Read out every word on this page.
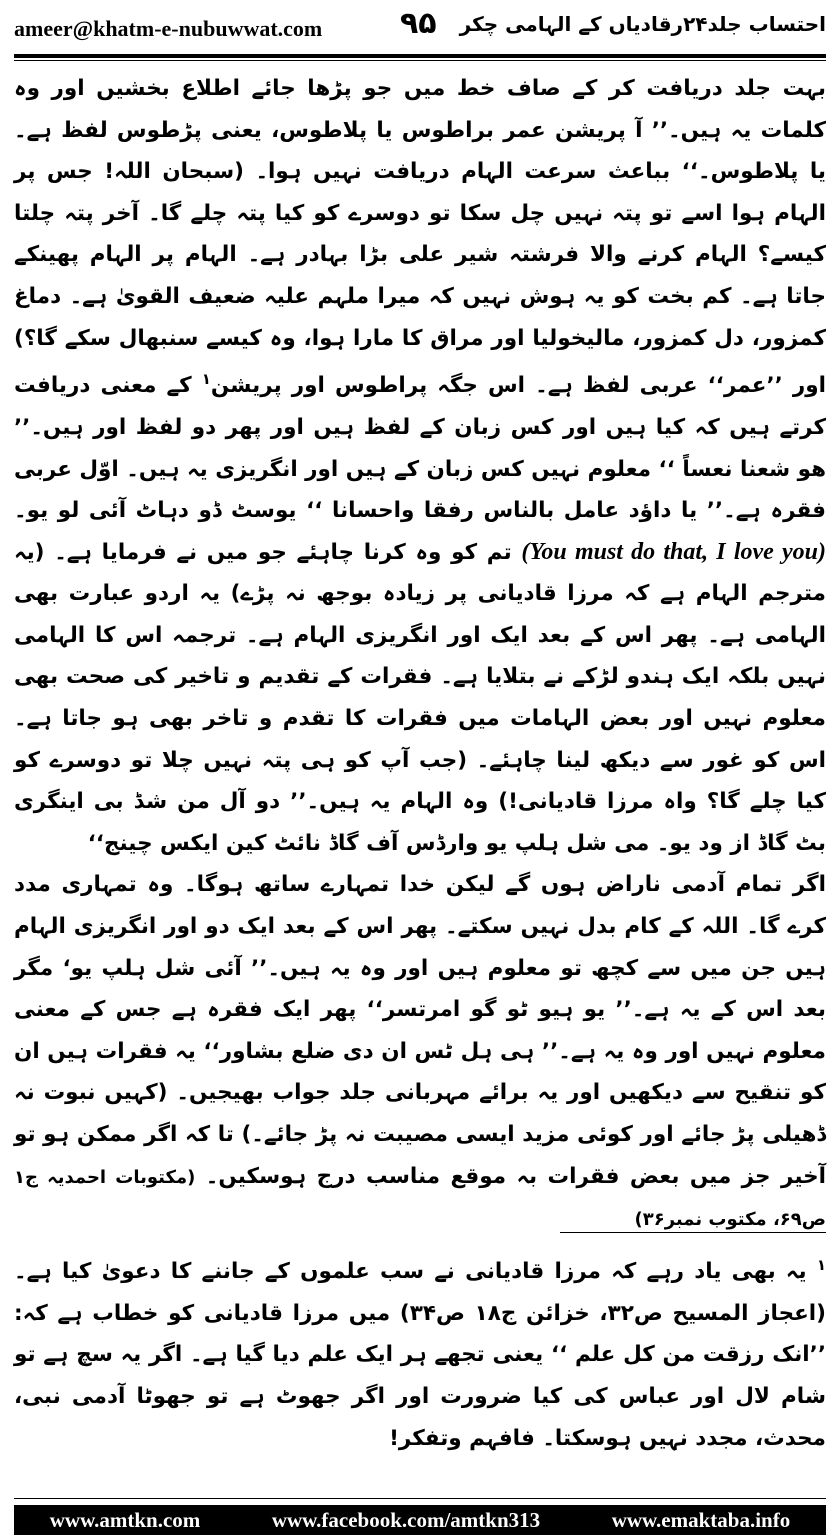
ameer@khatm-e-nubuwwat.com	۹۵ احتساب جلد۲۴رقادیاں کے الہامی چکر

بہت جلد دریافت کر کے صاف خط میں جو پڑھا جائے اطلاع بخشیں اور وہ کلمات یہ ہیں۔’’ آ پریشن عمر براطوس یا پلاطوس، یعنی پڑطوس لفظ ہے۔ یا پلاطوس۔‘‘ بباعث سرعت الہام دریافت نہیں ہوا۔ (سبحان اللہ! جس پر الہام ہوا اسے تو پتہ نہیں چل سکا تو دوسرے کو کیا پتہ چلے گا۔ آخر پتہ چلتا کیسے؟ الہام کرنے والا فرشتہ شیر علی بڑا بہادر ہے۔ الہام پر الہام پھینکے جاتا ہے۔ کم بخت کو یہ ہوش نہیں کہ میرا ملہم علیہ ضعیف القویٰ ہے۔ دماغ کمزور، دل کمزور، مالیخولیا اور مراق کا مارا ہوا، وہ کیسے سنبھال سکے گا؟) اور ’’عمر‘‘ عربی لفظ ہے۔ اس جگہ پراطوس اور پریشن$^۱$ کے معنی دریافت کرتے ہیں کہ کیا ہیں اور کس زبان کے لفظ ہیں اور پھر دو لفظ اور ہیں۔’’ ھو شعنا نعساً ‘‘ معلوم نہیں کس زبان کے ہیں اور انگریزی یہ ہیں۔ اوّل عربی فقرہ ہے۔’’ یا داؤد عامل بالناس رفقا واحسانا ‘‘ یوسٹ ڈو دہاٹ آئی لو یو۔ (You must do that, I love you) تم کو وہ کرنا چاہئے جو میں نے فرمایا ہے۔ (یہ مترجم الہام ہے کہ مرزا قادیانی پر زیادہ بوجھ نہ پڑے) یہ اردو عبارت بھی الہامی ہے۔ پھر اس کے بعد ایک اور انگریزی الہام ہے۔ ترجمہ اس کا الہامی نہیں بلکہ ایک ہندو لڑکے نے بتلایا ہے۔ فقرات کے تقدیم و تاخیر کی صحت بھی معلوم نہیں اور بعض الہامات میں فقرات کا تقدم و تاخر بھی ہو جاتا ہے۔ اس کو غور سے دیکھ لینا چاہئے۔ (جب آپ کو ہی پتہ نہیں چلا تو دوسرے کو کیا چلے گا؟ واہ مرزا قادیانی!) وہ الہام یہ ہیں۔’’ دو آل من شڈ بی اینگری بٹ گاڈ از ود یو۔ می شل ہلپ یو وارڈس آف گاڈ نائٹ کین ایکس چینج‘‘

اگر تمام آدمی ناراض ہوں گے لیکن خدا تمہارے ساتھ ہوگا۔ وہ تمہاری مدد کرے گا۔ اللہ کے کام بدل نہیں سکتے۔ پھر اس کے بعد ایک دو اور انگریزی الہام ہیں جن میں سے کچھ تو معلوم ہیں اور وہ یہ ہیں۔’’ آئی شل ہلپ یو‘ مگر بعد اس کے یہ ہے۔’’ یو ہیو ٹو گو امرتسر‘‘ پھر ایک فقرہ ہے جس کے معنی معلوم نہیں اور وہ یہ ہے۔’’ ہی ہل ٹس ان دی ضلع بشاور‘‘ یہ فقرات ہیں ان کو تنقیح سے دیکھیں اور یہ برائے مہربانی جلد جواب بھیجیں۔ (کہیں نبوت نہ ڈھیلی پڑ جائے اور کوئی مزید ایسی مصیبت نہ پڑ جائے۔) تا کہ اگر ممکن ہو تو آخیر جز میں بعض فقرات بہ موقع مناسب درج ہوسکیں۔ (مکتوبات احمدیہ ج۱ ص۶۹، مکتوب نمبر۳۶)

$^۱$ یہ بھی یاد رہے کہ مرزا قادیانی نے سب علموں کے جاننے کا دعویٰ کیا ہے۔ (اعجاز المسیح ص۳۲، خزائن ج۱۸ ص۳۴) میں مرزا قادیانی کو خطاب ہے کہ: ’’انک رزقت من کل علم ‘‘ یعنی تجھے ہر ایک علم دیا گیا ہے۔ اگر یہ سچ ہے تو شام لال اور عباس کی کیا ضرورت اور اگر جھوٹ ہے تو جھوٹا آدمی نبی، محدث، مجدد نہیں ہوسکتا۔ فافہم وتفکر!

www.amtkn.com	www.facebook.com/amtkn313	www.emaktaba.info
